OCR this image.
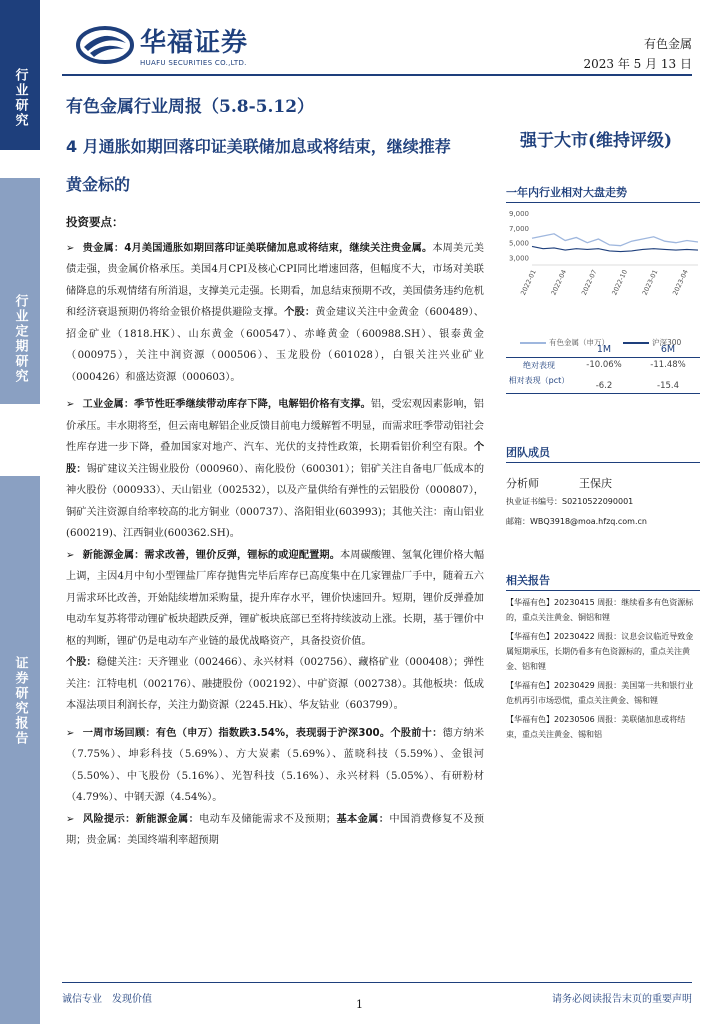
行业研究
行业定期研究
证券研究报告
华福证券
HUAFU SECURITIES CO.,LTD.
有色金属
2023 年 5 月 13 日
有色金属行业周报（5.8-5.12）
4 月通胀如期回落印证美联储加息或将结束，继续推荐黄金标的
强于大市(维持评级)
一年内行业相对大盘走势
9,000
7,000
5,000
3,000
2022-01 2022-04 2022-07 2022-10 2023-01 2023-04
有色金属（申万）	沪深300
	1M	6M
绝对表现	-10.06%	-11.48%
相对表现（pct）	-6.2	-15.4
团队成员
分析师	王保庆
执业证书编号：S0210522090001
邮箱：WBQ3918@moa.hfzq.com.cn
相关报告
【华福有色】20230415 周报：继续看多有色资源标的，重点关注黄金、铜铝和锂
【华福有色】20230422 周报：议息会议临近导致金属短期承压，长期仍看多有色资源标的，重点关注黄金、铝和锂
【华福有色】20230429 周报：美国第一共和银行业危机再引市场恐慌，重点关注黄金、锡和锂
【华福有色】20230506 周报：美联储加息或将结束，重点关注黄金、锡和铝
投资要点：

➢ 贵金属：4月美国通胀如期回落印证美联储加息或将结束，继续关注贵金属。本周美元美债走强，贵金属价格承压。美国4月CPI及核心CPI同比增速回落，但幅度不大，市场对美联储降息的乐观情绪有所消退，支撑美元走强。长期看，加息结束预期不改，美国债务违约危机和经济衰退预期仍将给金银价格提供避险支撑。个股：黄金建议关注中金黄金（600489）、招金矿业（1818.HK）、山东黄金（600547）、赤峰黄金（600988.SH）、银泰黄金（000975），关注中润资源（000506）、玉龙股份（601028），白银关注兴业矿业（000426）和盛达资源（000603）。

➢ 工业金属：季节性旺季继续带动库存下降，电解铝价格有支撑。铝，受宏观因素影响，铝价承压。丰水期将至，但云南电解铝企业反馈目前电力缓解暂不明显，而需求旺季带动铝社会性库存进一步下降，叠加国家对地产、汽车、光伏的支持性政策，长期看铝价利空有限。个股：锡矿建议关注锡业股份（000960）、南化股份（600301）；铝矿关注自备电厂低成本的神火股份（000933）、天山铝业（002532），以及产量供给有弹性的云铝股份（000807），铜矿关注资源自给率较高的北方铜业（000737）、洛阳钼业(603993)；其他关注：南山铝业(600219)、江西铜业(600362.SH)。

➢ 新能源金属：需求改善，锂价反弹，锂标的或迎配置期。本周碳酸锂、氢氧化锂价格大幅上调，主因4月中旬小型锂盐厂库存抛售完毕后库存已高度集中在几家锂盐厂手中，随着五六月需求环比改善，开始陆续增加采购量，提升库存水平，锂价快速回升。短期，锂价反弹叠加电动车复苏将带动锂矿板块超跌反弹，锂矿板块底部已至将持续波动上涨。长期，基于锂价中枢的判断，锂矿仍是电动车产业链的最优战略资产，具备投资价值。

个股：稳健关注：天齐锂业（002466）、永兴材料（002756）、藏格矿业（000408）；弹性关注：江特电机（002176）、融捷股份（002192）、中矿资源（002738）。其他板块：低成本湿法项目利润长存，关注力勤资源（2245.Hk）、华友钴业（603799）。

➢ 一周市场回顾：有色（申万）指数跌3.54%，表现弱于沪深300。个股前十：德方纳米（7.75%）、坤彩科技（5.69%）、方大炭素（5.69%）、蓝晓科技（5.59%）、金银河（5.50%）、中飞股份（5.16%）、光智科技（5.16%）、永兴材料（5.05%）、有研粉材（4.79%）、中钢天源（4.54%）。

➢ 风险提示：新能源金属：电动车及储能需求不及预期；基本金属：中国消费修复不及预期；贵金属：美国终端利率超预期

诚信专业　发现价值	1	请务必阅读报告末页的重要声明
